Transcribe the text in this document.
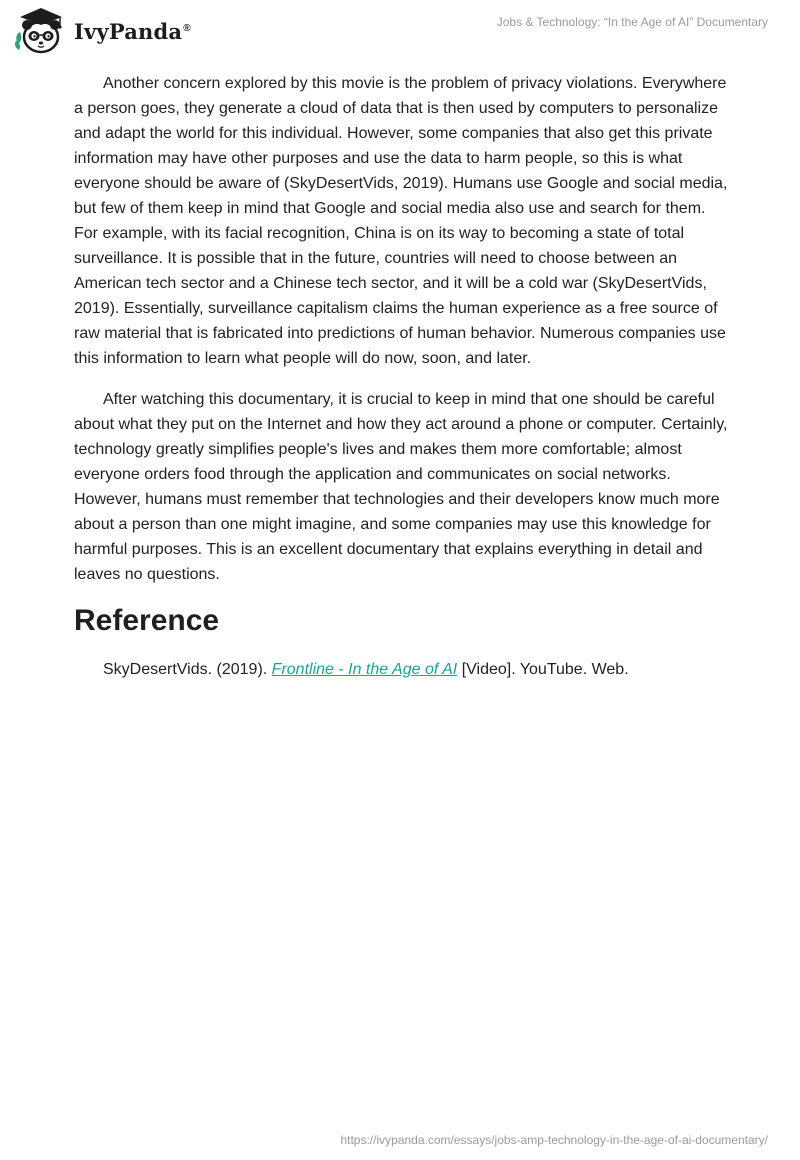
IvyPanda®	Jobs & Technology: “In the Age of AI” Documentary

Another concern explored by this movie is the problem of privacy violations. Everywhere a person goes, they generate a cloud of data that is then used by computers to personalize and adapt the world for this individual. However, some companies that also get this private information may have other purposes and use the data to harm people, so this is what everyone should be aware of (SkyDesertVids, 2019). Humans use Google and social media, but few of them keep in mind that Google and social media also use and search for them. For example, with its facial recognition, China is on its way to becoming a state of total surveillance. It is possible that in the future, countries will need to choose between an American tech sector and a Chinese tech sector, and it will be a cold war (SkyDesertVids, 2019). Essentially, surveillance capitalism claims the human experience as a free source of raw material that is fabricated into predictions of human behavior. Numerous companies use this information to learn what people will do now, soon, and later.

After watching this documentary, it is crucial to keep in mind that one should be careful about what they put on the Internet and how they act around a phone or computer. Certainly, technology greatly simplifies people's lives and makes them more comfortable; almost everyone orders food through the application and communicates on social networks. However, humans must remember that technologies and their developers know much more about a person than one might imagine, and some companies may use this knowledge for harmful purposes. This is an excellent documentary that explains everything in detail and leaves no questions.

Reference

SkyDesertVids. (2019). Frontline - In the Age of AI [Video]. YouTube. Web.

https://ivypanda.com/essays/jobs-amp-technology-in-the-age-of-ai-documentary/
